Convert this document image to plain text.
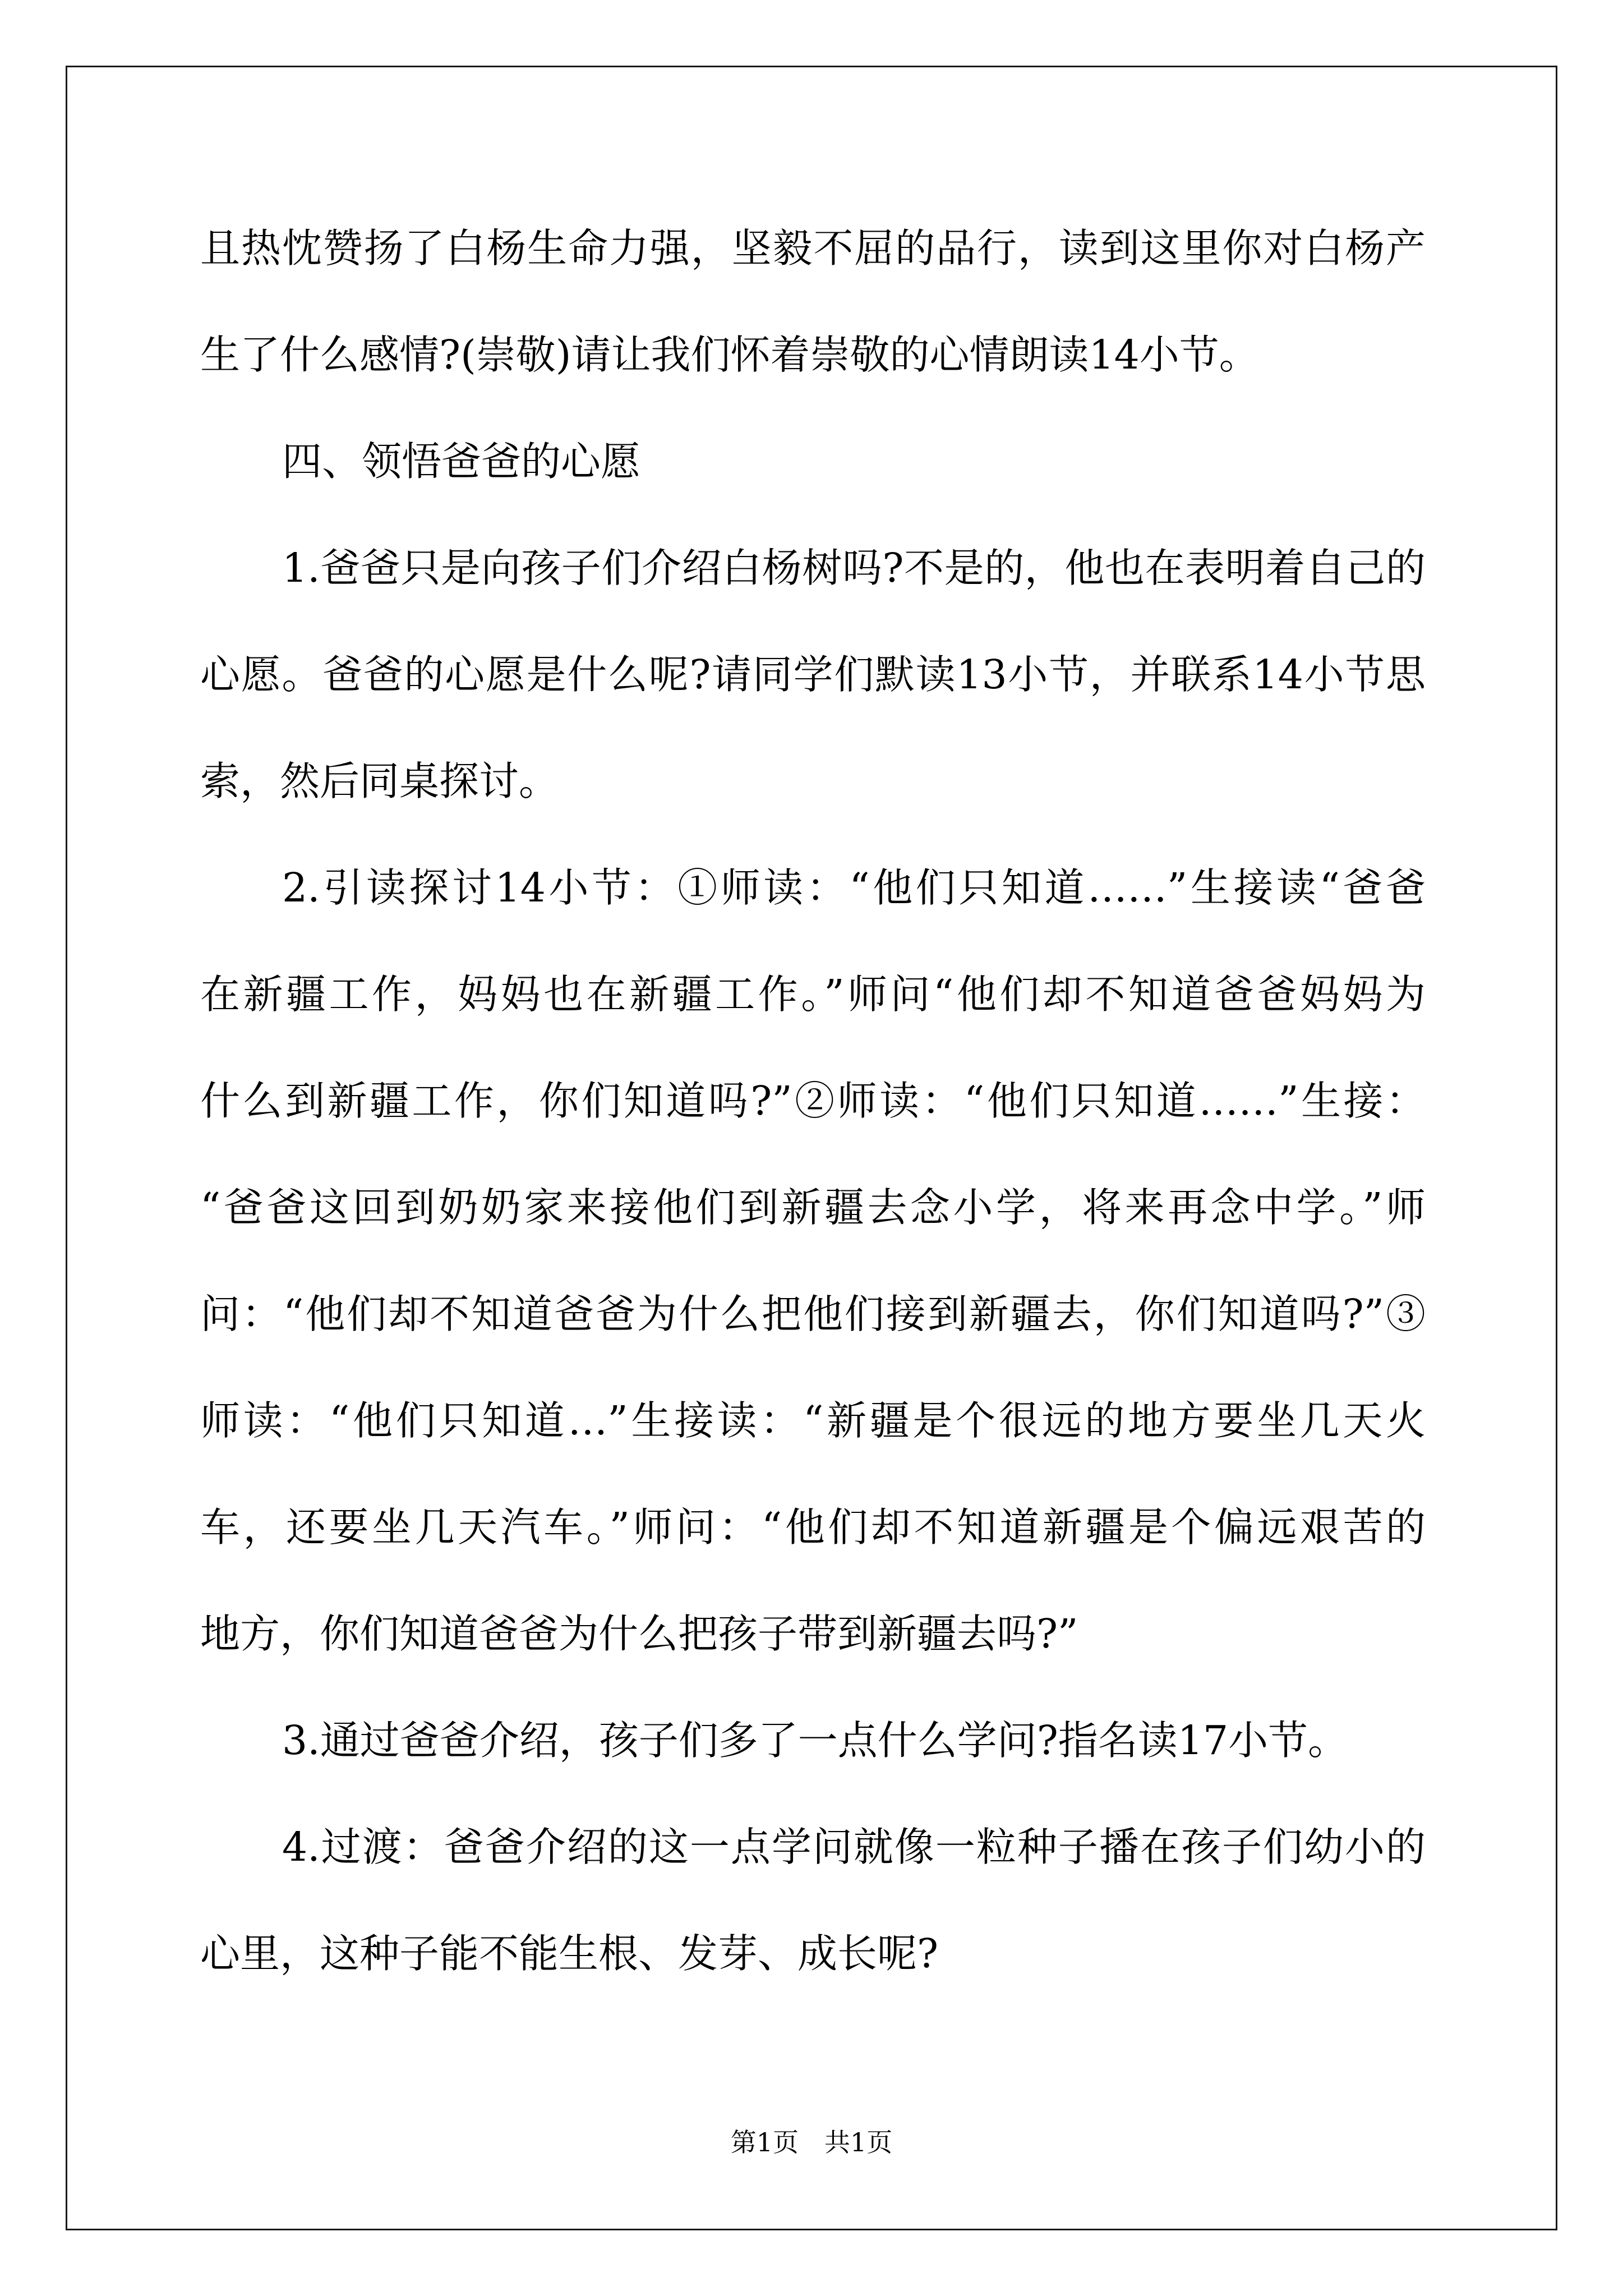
且热忱赞扬了白杨生命力强，坚毅不屈的品行，读到这里你对白杨产
生了什么感情?(崇敬)请让我们怀着崇敬的心情朗读14小节。
四、领悟爸爸的心愿
1.爸爸只是向孩子们介绍白杨树吗?不是的，他也在表明着自己的
心愿。爸爸的心愿是什么呢?请同学们默读13小节，并联系14小节思
索，然后同桌探讨。
2.引读探讨14小节：①师读：“他们只知道……”生接读“爸爸
在新疆工作，妈妈也在新疆工作。”师问“他们却不知道爸爸妈妈为
什么到新疆工作，你们知道吗?”②师读：“他们只知道……”生接：
“爸爸这回到奶奶家来接他们到新疆去念小学，将来再念中学。”师
问：“他们却不知道爸爸为什么把他们接到新疆去，你们知道吗?”③
师读：“他们只知道…”生接读：“新疆是个很远的地方要坐几天火
车，还要坐几天汽车。”师问：“他们却不知道新疆是个偏远艰苦的
地方，你们知道爸爸为什么把孩子带到新疆去吗?”
3.通过爸爸介绍，孩子们多了一点什么学问?指名读17小节。
4.过渡：爸爸介绍的这一点学问就像一粒种子播在孩子们幼小的
心里，这种子能不能生根、发芽、成长呢?
第1页 共1页
